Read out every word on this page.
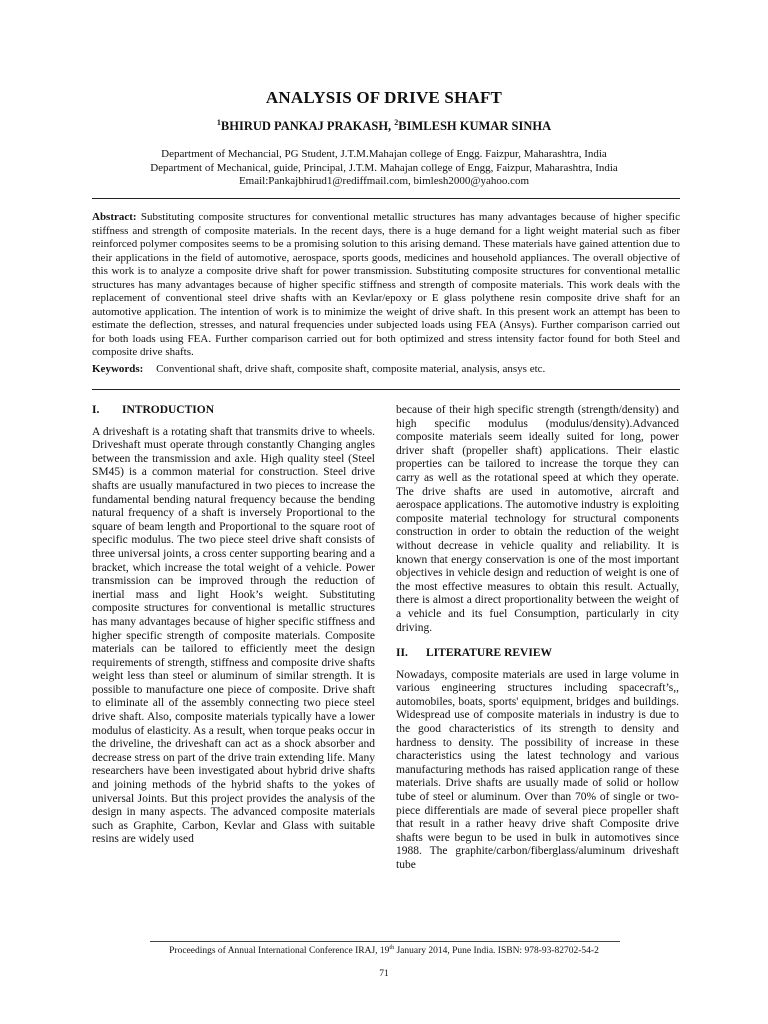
ANALYSIS OF DRIVE SHAFT
$^1$BHIRUD PANKAJ PRAKASH, $^2$BIMLESH KUMAR SINHA
Department of Mechancial, PG Student, J.T.M.Mahajan college of Engg. Faizpur, Maharashtra, India
Department of Mechanical, guide, Principal, J.T.M. Mahajan college of Engg, Faizpur, Maharashtra, India
Email:Pankajbhirud1@rediffmail.com, bimlesh2000@yahoo.com
Abstract: Substituting composite structures for conventional metallic structures has many advantages because of higher specific stiffness and strength of composite materials. In the recent days, there is a huge demand for a light weight material such as fiber reinforced polymer composites seems to be a promising solution to this arising demand. These materials have gained attention due to their applications in the field of automotive, aerospace, sports goods, medicines and household appliances. The overall objective of this work is to analyze a composite drive shaft for power transmission. Substituting composite structures for conventional metallic structures has many advantages because of higher specific stiffness and strength of composite materials. This work deals with the replacement of conventional steel drive shafts with an Kevlar/epoxy or E glass polythene resin composite drive shaft for an automotive application. The intention of work is to minimize the weight of drive shaft. In this present work an attempt has been to estimate the deflection, stresses, and natural frequencies under subjected loads using FEA (Ansys). Further comparison carried out for both loads using FEA. Further comparison carried out for both optimized and stress intensity factor found for both Steel and composite drive shafts.
Keywords: Conventional shaft, drive shaft, composite shaft, composite material, analysis, ansys etc.
I.	INTRODUCTION

A driveshaft is a rotating shaft that transmits drive to wheels. Driveshaft must operate through constantly Changing angles between the transmission and axle. High quality steel (Steel SM45) is a common material for construction. Steel drive shafts are usually manufactured in two pieces to increase the fundamental bending natural frequency because the bending natural frequency of a shaft is inversely Proportional to the square of beam length and Proportional to the square root of specific modulus. The two piece steel drive shaft consists of three universal joints, a cross center supporting bearing and a bracket, which increase the total weight of a vehicle. Power transmission can be improved through the reduction of inertial mass and light Hook’s weight. Substituting composite structures for conventional is metallic structures has many advantages because of higher specific stiffness and higher specific strength of composite materials. Composite materials can be tailored to efficiently meet the design requirements of strength, stiffness and composite drive shafts weight less than steel or aluminum of similar strength. It is possible to manufacture one piece of composite. Drive shaft to eliminate all of the assembly connecting two piece steel drive shaft. Also, composite materials typically have a lower modulus of elasticity. As a result, when torque peaks occur in the driveline, the driveshaft can act as a shock absorber and decrease stress on part of the drive train extending life. Many researchers have been investigated about hybrid drive shafts and joining methods of the hybrid shafts to the yokes of universal Joints. But this project provides the analysis of the design in many aspects. The advanced composite materials such as Graphite, Carbon, Kevlar and Glass with suitable resins are widely used

because of their high specific strength (strength/density) and high specific modulus (modulus/density).Advanced composite materials seem ideally suited for long, power driver shaft (propeller shaft) applications. Their elastic properties can be tailored to increase the torque they can carry as well as the rotational speed at which they operate. The drive shafts are used in automotive, aircraft and aerospace applications. The automotive industry is exploiting composite material technology for structural components construction in order to obtain the reduction of the weight without decrease in vehicle quality and reliability. It is known that energy conservation is one of the most important objectives in vehicle design and reduction of weight is one of the most effective measures to obtain this result. Actually, there is almost a direct proportionality between the weight of a vehicle and its fuel Consumption, particularly in city driving.

II.	LITERATURE REVIEW

Nowadays, composite materials are used in large volume in various engineering structures including spacecraft’s,, automobiles, boats, sports' equipment, bridges and buildings. Widespread use of composite materials in industry is due to the good characteristics of its strength to density and hardness to density. The possibility of increase in these characteristics using the latest technology and various manufacturing methods has raised application range of these materials. Drive shafts are usually made of solid or hollow tube of steel or aluminum. Over than 70% of single or two-piece differentials are made of several piece propeller shaft that result in a rather heavy drive shaft Composite drive shafts were begun to be used in bulk in automotives since 1988. The graphite/carbon/fiberglass/aluminum driveshaft tube

Proceedings of Annual International Conference IRAJ, 19th January 2014, Pune India. ISBN: 978-93-82702-54-2
71
